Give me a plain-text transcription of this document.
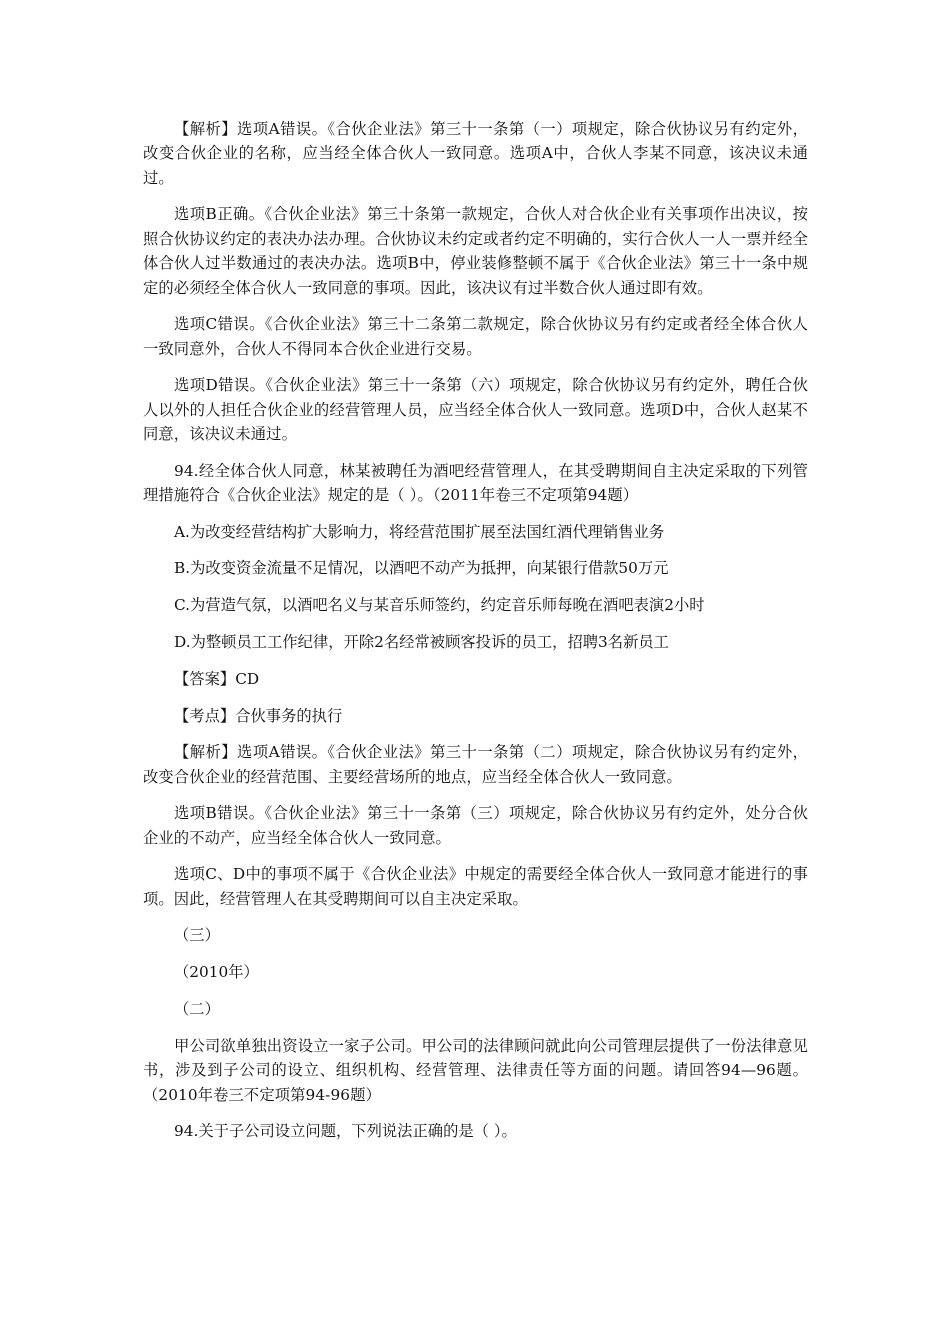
【解析】选项A错误。《合伙企业法》第三十一条第（一）项规定，除合伙协议另有约定外，改变合伙企业的名称，应当经全体合伙人一致同意。选项A中，合伙人李某不同意，该决议未通过。

选项B正确。《合伙企业法》第三十条第一款规定，合伙人对合伙企业有关事项作出决议，按照合伙协议约定的表决办法办理。合伙协议未约定或者约定不明确的，实行合伙人一人一票并经全体合伙人过半数通过的表决办法。选项B中，停业装修整顿不属于《合伙企业法》第三十一条中规定的必须经全体合伙人一致同意的事项。因此，该决议有过半数合伙人通过即有效。

选项C错误。《合伙企业法》第三十二条第二款规定，除合伙协议另有约定或者经全体合伙人一致同意外，合伙人不得同本合伙企业进行交易。

选项D错误。《合伙企业法》第三十一条第（六）项规定，除合伙协议另有约定外，聘任合伙人以外的人担任合伙企业的经营管理人员，应当经全体合伙人一致同意。选项D中，合伙人赵某不同意，该决议未通过。

94.经全体合伙人同意，林某被聘任为酒吧经营管理人，在其受聘期间自主决定采取的下列管理措施符合《合伙企业法》规定的是（ ）。（2011年卷三不定项第94题）

A.为改变经营结构扩大影响力，将经营范围扩展至法国红酒代理销售业务

B.为改变资金流量不足情况，以酒吧不动产为抵押，向某银行借款50万元

C.为营造气氛，以酒吧名义与某音乐师签约，约定音乐师每晚在酒吧表演2小时

D.为整顿员工工作纪律，开除2名经常被顾客投诉的员工，招聘3名新员工

【答案】CD

【考点】合伙事务的执行

【解析】选项A错误。《合伙企业法》第三十一条第（二）项规定，除合伙协议另有约定外，改变合伙企业的经营范围、主要经营场所的地点，应当经全体合伙人一致同意。

选项B错误。《合伙企业法》第三十一条第（三）项规定，除合伙协议另有约定外，处分合伙企业的不动产，应当经全体合伙人一致同意。

选项C、D中的事项不属于《合伙企业法》中规定的需要经全体合伙人一致同意才能进行的事项。因此，经营管理人在其受聘期间可以自主决定采取。

（三）

（2010年）

（二）

甲公司欲单独出资设立一家子公司。甲公司的法律顾问就此向公司管理层提供了一份法律意见书，涉及到子公司的设立、组织机构、经营管理、法律责任等方面的问题。请回答94—96题。（2010年卷三不定项第94-96题）

94.关于子公司设立问题，下列说法正确的是（ ）。
